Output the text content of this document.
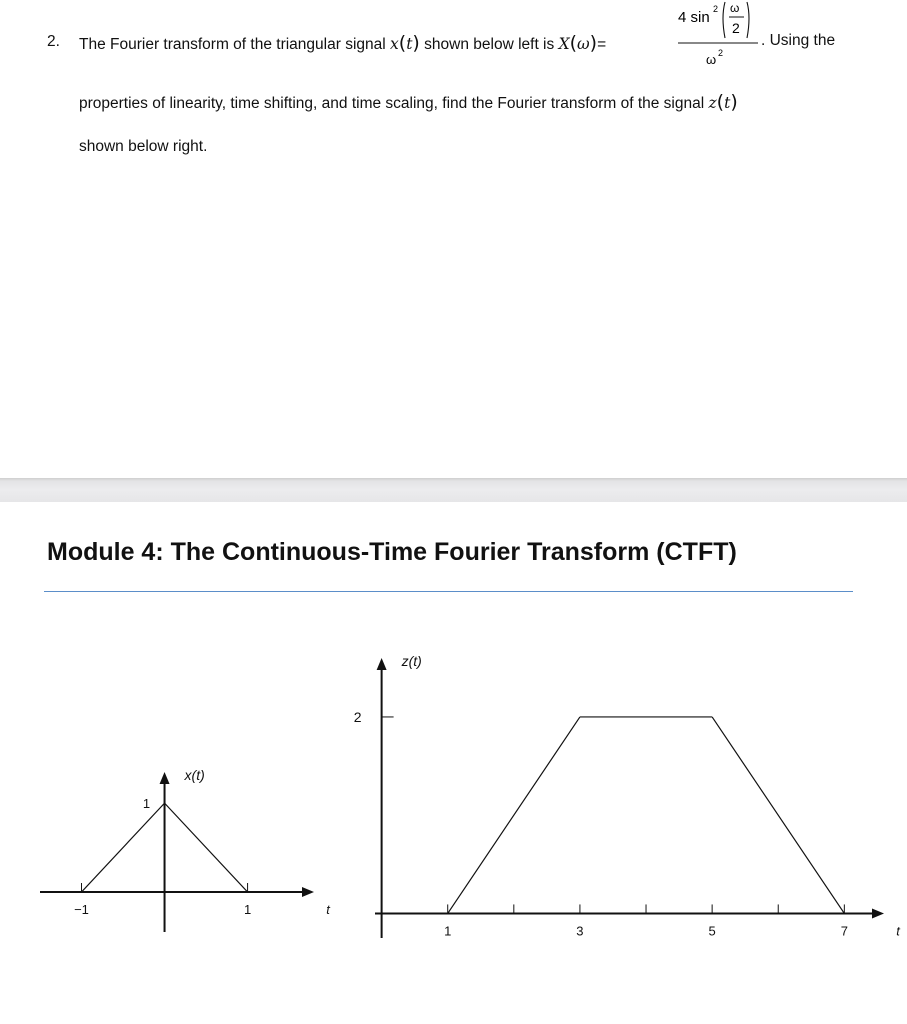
2. The Fourier transform of the triangular signal x(t) shown below left is X(ω)=
4 sin 2 ω
2
ω 2
. Using the
properties of linearity, time shifting, and time scaling, find the Fourier transform of the signal z(t)
shown below right.
Module 4: The Continuous-Time Fourier Transform (CTFT)
−1	1
1
x(t)
t
1	3	5	7
2
z(t)
t
